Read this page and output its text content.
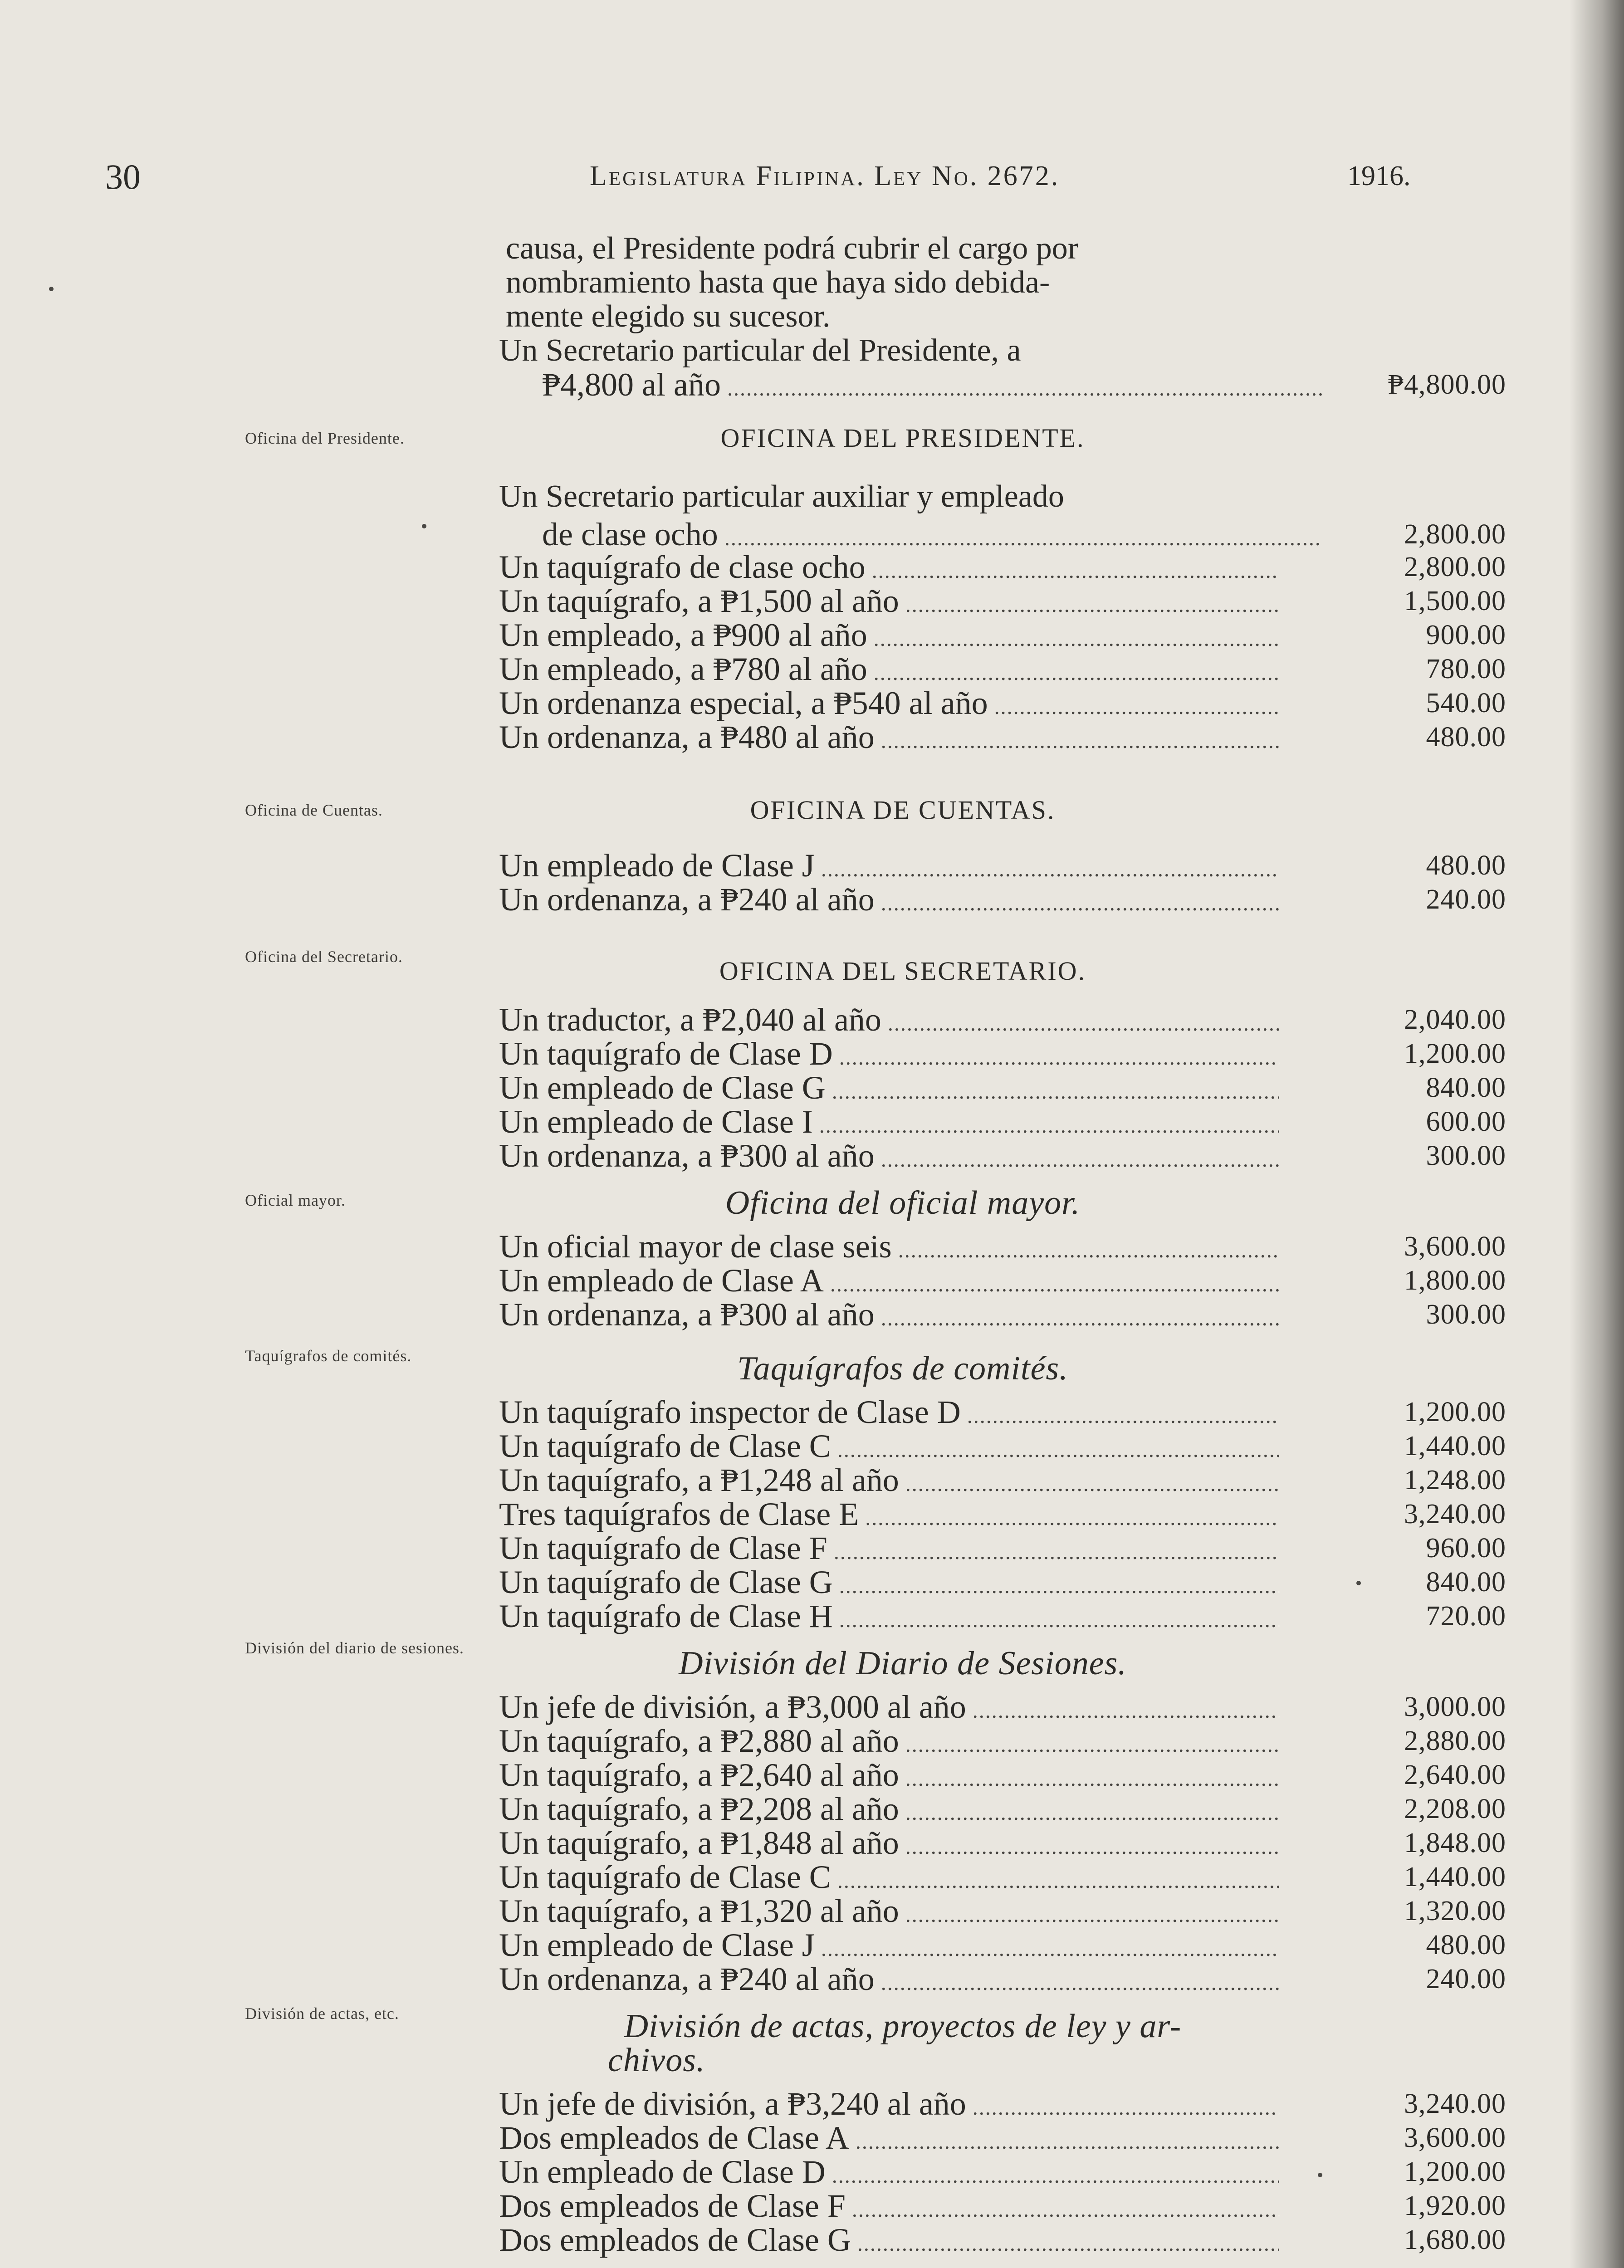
30	Legislatura Filipina. Ley No. 2672.	1916.
causa, el Presidente podrá cubrir el cargo por
nombramiento hasta que haya sido debida-
mente elegido su sucesor.
Un Secretario particular del Presidente, a
₱4,800 al año .....	₱4,800.00
Oficina del Presidente.	OFICINA DEL PRESIDENTE.
Un Secretario particular auxiliar y empleado
de clase ocho .....	2,800.00
Un taquígrafo de clase ocho .....	2,800.00
Un taquígrafo, a ₱1,500 al año .....	1,500.00
Un empleado, a ₱900 al año .....	900.00
Un empleado, a ₱780 al año .....	780.00
Un ordenanza especial, a ₱540 al año .....	540.00
Un ordenanza, a ₱480 al año .....	480.00
Oficina de Cuentas.	OFICINA DE CUENTAS.
Un empleado de Clase J .....	480.00
Un ordenanza, a ₱240 al año .....	240.00
Oficina del Secretario.	OFICINA DEL SECRETARIO.
Un traductor, a ₱2,040 al año .....	2,040.00
Un taquígrafo de Clase D .....	1,200.00
Un empleado de Clase G .....	840.00
Un empleado de Clase I .....	600.00
Un ordenanza, a ₱300 al año .....	300.00
Oficial mayor.	Oficina del oficial mayor.
Un oficial mayor de clase seis .....	3,600.00
Un empleado de Clase A .....	1,800.00
Un ordenanza, a ₱300 al año .....	300.00
Taquígrafos de comités.	Taquígrafos de comités.
Un taquígrafo inspector de Clase D .....	1,200.00
Un taquígrafo de Clase C .....	1,440.00
Un taquígrafo, a ₱1,248 al año .....	1,248.00
Tres taquígrafos de Clase E .....	3,240.00
Un taquígrafo de Clase F .....	960.00
Un taquígrafo de Clase G .....	840.00
Un taquígrafo de Clase H .....	720.00
División del diario de sesiones.	División del Diario de Sesiones.
Un jefe de división, a ₱3,000 al año .....	3,000.00
Un taquígrafo, a ₱2,880 al año .....	2,880.00
Un taquígrafo, a ₱2,640 al año .....	2,640.00
Un taquígrafo, a ₱2,208 al año .....	2,208.00
Un taquígrafo, a ₱1,848 al año .....	1,848.00
Un taquígrafo de Clase C .....	1,440.00
Un taquígrafo, a ₱1,320 al año .....	1,320.00
Un empleado de Clase J .....	480.00
Un ordenanza, a ₱240 al año .....	240.00
División de actas, etc.	División de actas, proyectos de ley y ar-
chivos.
Un jefe de división, a ₱3,240 al año .....	3,240.00
Dos empleados de Clase A .....	3,600.00
Un empleado de Clase D .....	1,200.00
Dos empleados de Clase F .....	1,920.00
Dos empleados de Clase G .....	1,680.00
